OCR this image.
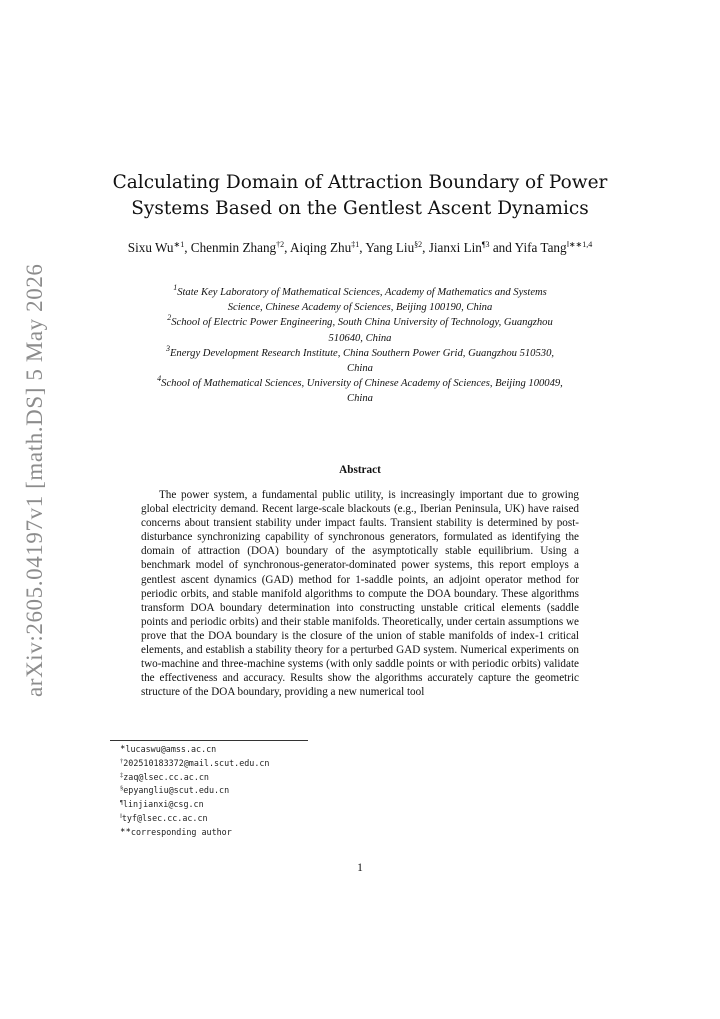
arXiv:2605.04197v1 [math.DS] 5 May 2026
Calculating Domain of Attraction Boundary of Power
Systems Based on the Gentlest Ascent Dynamics
Sixu $Wu^{∗1}$, Chenmin Zhang$^{\dagger 2}$, Aiqing Zhu$^{\ddagger 1}$, Yang Liu$^{\S 2}$, Jianxi Lin$^{\P 3}$ and Yifa Tang$^{‖∗∗1,4}$
$^1$State Key Laboratory of Mathematical Sciences, Academy of Mathematics and Systems
Science, Chinese Academy of Sciences, Beijing 100190, China
$^2$School of Electric Power Engineering, South China University of Technology, Guangzhou
510640, China
$^3$Energy Development Research Institute, China Southern Power Grid, Guangzhou 510530,
China
$^4$School of Mathematical Sciences, University of Chinese Academy of Sciences, Beijing 100049,
China
Abstract
The power system, a fundamental public utility, is increasingly important due to growing global electricity demand. Recent large-scale blackouts (e.g., Iberian Peninsula, UK) have raised concerns about transient stability under impact faults. Transient stability is determined by post-disturbance synchronizing capability of synchronous generators, formulated as identifying the domain of attraction (DOA) boundary of the asymptotically stable equilibrium. Using a benchmark model of synchronous-generator-dominated power systems, this report employs a gentlest ascent dynamics (GAD) method for 1-saddle points, an adjoint operator method for periodic orbits, and stable manifold algorithms to compute the DOA boundary. These algorithms transform DOA boundary determination into constructing unstable critical elements (saddle points and periodic orbits) and their stable manifolds. Theoretically, under certain assumptions we prove that the DOA boundary is the closure of the union of stable manifolds of index-1 critical elements, and establish a stability theory for a perturbed GAD system. Numerical experiments on two-machine and three-machine systems (with only saddle points or with periodic orbits) validate the effectiveness and accuracy. Results show the algorithms accurately capture the geometric structure of the DOA boundary, providing a new numerical tool
∗lucaswu@amss.ac.cn
†202510183372@mail.scut.edu.cn
‡zaq@lsec.cc.ac.cn
§epyangliu@scut.edu.cn
¶linjianxi@csg.cn
‖tyf@lsec.cc.ac.cn
∗∗corresponding author
1
